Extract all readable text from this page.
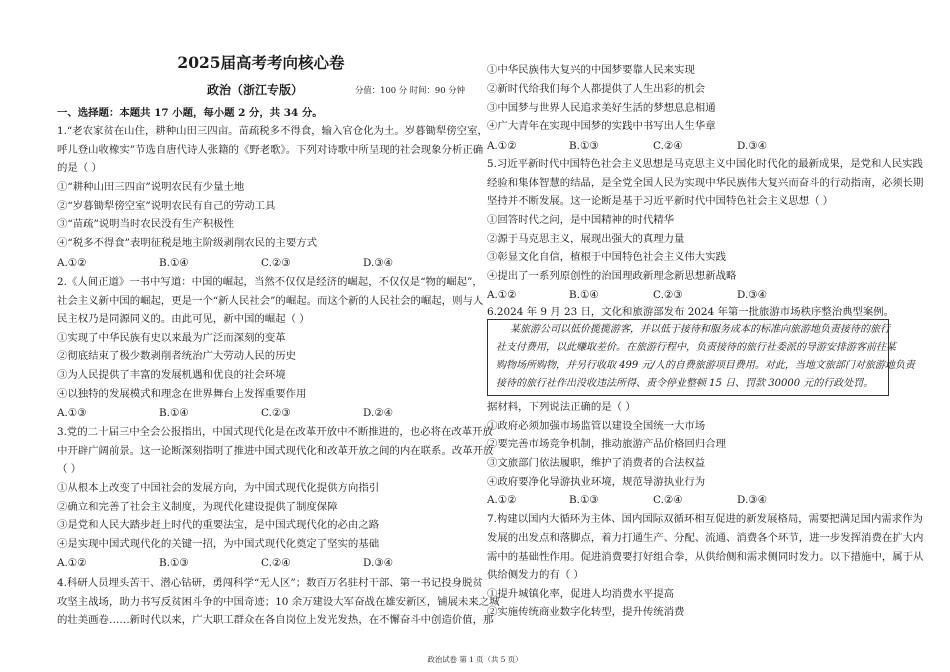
2025届高考考向核心卷
政治（浙江专版）	分值：100 分 时间：90 分钟
一、选择题：本题共 17 小题，每小题 2 分，共 34 分。
1.“老农家贫在山住，耕种山田三四亩。苗疏税多不得食，输入官仓化为土。岁暮锄犁傍空室，
呼儿登山收橡实”节选自唐代诗人张籍的《野老歌》。下列对诗歌中所呈现的社会现象分析正确
的是（ ）
①“耕种山田三四亩”说明农民有少量土地
②“岁暮锄犁傍空室”说明农民有自己的劳动工具
③“苗疏”说明当时农民没有生产积极性
④“税多不得食”表明征税是地主阶级剥削农民的主要方式
A.①②	B.①④	C.②③	D.③④
2.《人间正道》一书中写道：中国的崛起，当然不仅仅是经济的崛起，不仅仅是“物的崛起”，
社会主义新中国的崛起，更是一个“新人民社会”的崛起。而这个新的人民社会的崛起，则与人
民主权乃是同源同义的。由此可见，新中国的崛起（ ）
①实现了中华民族有史以来最为广泛而深刻的变革
②彻底结束了极少数剥削者统治广大劳动人民的历史
③为人民提供了丰富的发展机遇和优良的社会环境
④以独特的发展模式和理念在世界舞台上发挥重要作用
A.①③	B.①④	C.②③	D.②④
3.党的二十届三中全会公报指出，中国式现代化是在改革开放中不断推进的，也必将在改革开放
中开辟广阔前景。这一论断深刻指明了推进中国式现代化和改革开放之间的内在联系。改革开放
（ ）
①从根本上改变了中国社会的发展方向，为中国式现代化提供方向指引
②确立和完善了社会主义制度，为现代化建设提供了制度保障
③是党和人民大踏步赶上时代的重要法宝，是中国式现代化的必由之路
④是实现中国式现代化的关键一招，为中国式现代化奠定了坚实的基础
A.①②	B.①③	C.②④	D.③④
4.科研人员埋头苦干、潜心钻研，勇闯科学“无人区”；数百万名驻村干部、第一书记投身脱贫
攻坚主战场，助力书写反贫困斗争的中国奇迹；10 余万建设大军奋战在雄安新区，铺展未来之城
的壮美画卷……新时代以来，广大职工群众在各自岗位上发光发热，在不懈奋斗中创造价值，那
①中华民族伟大复兴的中国梦要靠人民来实现
②新时代给我们每个人都提供了人生出彩的机会
③中国梦与世界人民追求美好生活的梦想息息相通
④广大青年在实现中国梦的实践中书写出人生华章
A.①②	B.①③	C.②④	D.③④
5.习近平新时代中国特色社会主义思想是马克思主义中国化时代化的最新成果，是党和人民实践
经验和集体智慧的结晶，是全党全国人民为实现中华民族伟大复兴而奋斗的行动指南，必须长期
坚持并不断发展。这一论断是基于习近平新时代中国特色社会主义思想（ ）
①回答时代之问，是中国精神的时代精华
②源于马克思主义，展现出强大的真理力量
③彰显文化自信，植根于中国特色社会主义伟大实践
④提出了一系列原创性的治国理政新理念新思想新战略
A.①②	B.①④	C.②③	D.③④
6.2024 年 9 月 23 日，文化和旅游部发布 2024 年第一批旅游市场秩序整治典型案例。
某旅游公司以低价揽揽游客，并以低于接待和服务成本的标准向旅游地负责接待的旅行
社支付费用，以此赚取差价。在旅游行程中，负责接待的旅行社委派的导游安排游客前往某
购物场所购物，并另行收取 499 元/人的自费旅游项目费用。对此，当地文旅部门对旅游地负责
接待的旅行社作出没收违法所得、责令停业整顿 15 日、罚款 30000 元的行政处罚。
据材料，下列说法正确的是（ ）
①政府必须加强市场监管以建设全国统一大市场
②要完善市场竞争机制，推动旅游产品价格回归合理
③文旅部门依法履职，维护了消费者的合法权益
④政府要净化导游执业环境，规范导游执业行为
A.①②	B.①③	C.②④	D.③④
7.构建以国内大循环为主体、国内国际双循环相互促进的新发展格局，需要把满足国内需求作为
发展的出发点和落脚点，着力打通生产、分配、流通、消费各个环节，进一步发挥消费在扩大内
需中的基础性作用。促进消费要打好组合拳，从供给侧和需求侧同时发力。以下措施中，属于从
供给侧发力的有（ ）
①提升城镇化率，促进人均消费水平提高
②实施传统商业数字化转型，提升传统消费
政治试卷 第 1 页（共 5 页）
